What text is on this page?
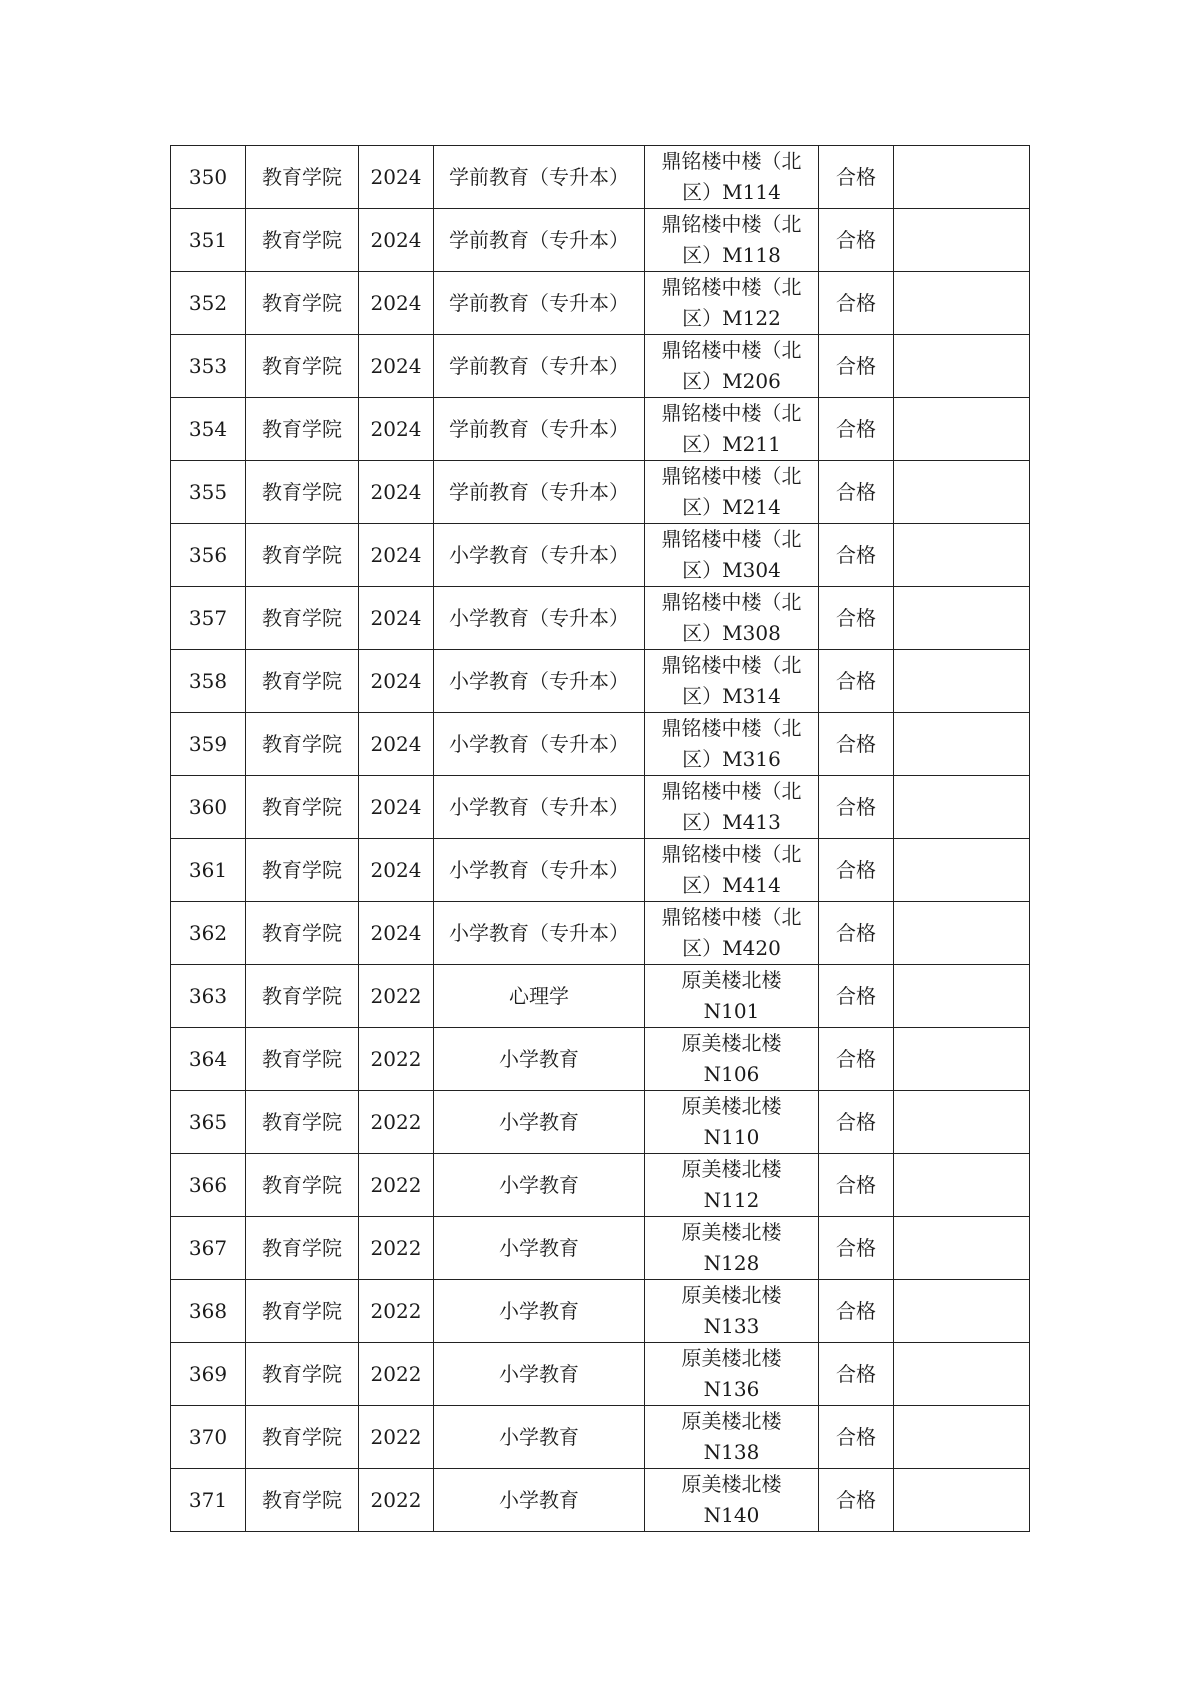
350	教育学院	2024	学前教育（专升本）	鼎铭楼中楼（北
区）M114	合格	
351	教育学院	2024	学前教育（专升本）	鼎铭楼中楼（北
区）M118	合格	
352	教育学院	2024	学前教育（专升本）	鼎铭楼中楼（北
区）M122	合格	
353	教育学院	2024	学前教育（专升本）	鼎铭楼中楼（北
区）M206	合格	
354	教育学院	2024	学前教育（专升本）	鼎铭楼中楼（北
区）M211	合格	
355	教育学院	2024	学前教育（专升本）	鼎铭楼中楼（北
区）M214	合格	
356	教育学院	2024	小学教育（专升本）	鼎铭楼中楼（北
区）M304	合格	
357	教育学院	2024	小学教育（专升本）	鼎铭楼中楼（北
区）M308	合格	
358	教育学院	2024	小学教育（专升本）	鼎铭楼中楼（北
区）M314	合格	
359	教育学院	2024	小学教育（专升本）	鼎铭楼中楼（北
区）M316	合格	
360	教育学院	2024	小学教育（专升本）	鼎铭楼中楼（北
区）M413	合格	
361	教育学院	2024	小学教育（专升本）	鼎铭楼中楼（北
区）M414	合格	
362	教育学院	2024	小学教育（专升本）	鼎铭楼中楼（北
区）M420	合格	
363	教育学院	2022	心理学	原美楼北楼
N101	合格	
364	教育学院	2022	小学教育	原美楼北楼
N106	合格	
365	教育学院	2022	小学教育	原美楼北楼
N110	合格	
366	教育学院	2022	小学教育	原美楼北楼
N112	合格	
367	教育学院	2022	小学教育	原美楼北楼
N128	合格	
368	教育学院	2022	小学教育	原美楼北楼
N133	合格	
369	教育学院	2022	小学教育	原美楼北楼
N136	合格	
370	教育学院	2022	小学教育	原美楼北楼
N138	合格	
371	教育学院	2022	小学教育	原美楼北楼
N140	合格	
